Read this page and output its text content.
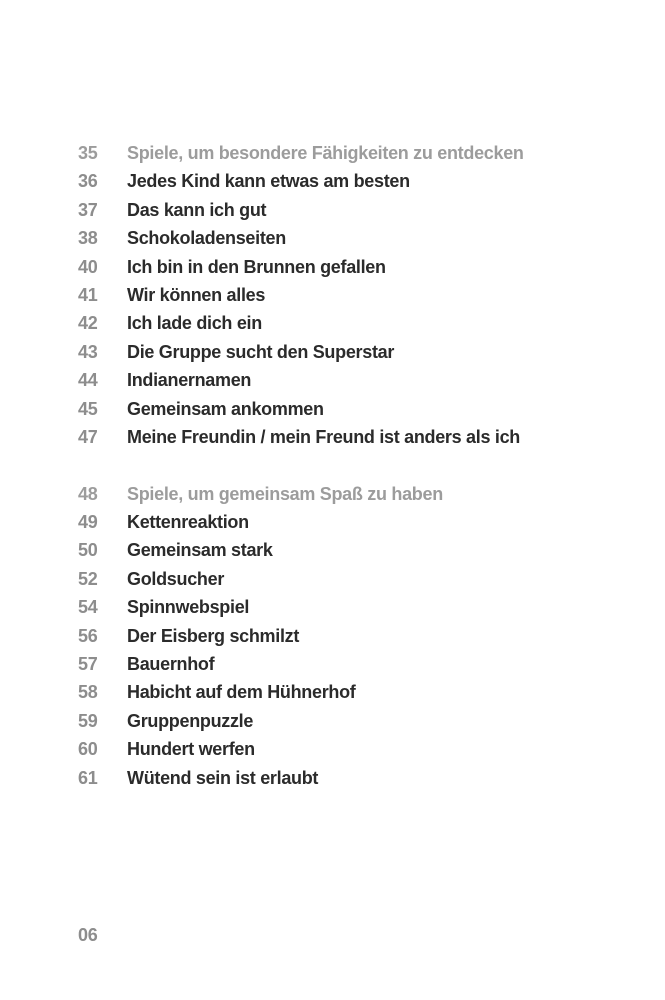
35	Spiele, um besondere Fähigkeiten zu entdecken
36	Jedes Kind kann etwas am besten
37	Das kann ich gut
38	Schokoladenseiten
40	Ich bin in den Brunnen gefallen
41	Wir können alles
42	Ich lade dich ein
43	Die Gruppe sucht den Superstar
44	Indianernamen
45	Gemeinsam ankommen
47	Meine Freundin / mein Freund ist anders als ich
48	Spiele, um gemeinsam Spaß zu haben
49	Kettenreaktion
50	Gemeinsam stark
52	Goldsucher
54	Spinnwebspiel
56	Der Eisberg schmilzt
57	Bauernhof
58	Habicht auf dem Hühnerhof
59	Gruppenpuzzle
60	Hundert werfen
61	Wütend sein ist erlaubt
06
